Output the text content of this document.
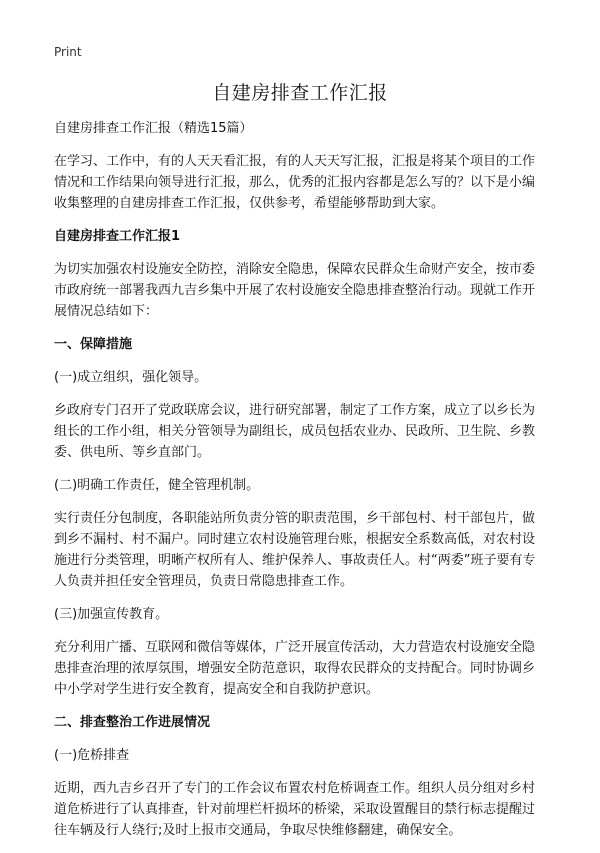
Print
自建房排查工作汇报

自建房排查工作汇报（精选15篇）

在学习、工作中，有的人天天看汇报，有的人天天写汇报，汇报是将某个项目的工作情况和工作结果向领导进行汇报，那么，优秀的汇报内容都是怎么写的？以下是小编收集整理的自建房排查工作汇报，仅供参考，希望能够帮助到大家。

自建房排查工作汇报1

为切实加强农村设施安全防控，消除安全隐患，保障农民群众生命财产安全，按市委市政府统一部署我西九吉乡集中开展了农村设施安全隐患排查整治行动。现就工作开展情况总结如下：

一、保障措施

(一)成立组织，强化领导。

乡政府专门召开了党政联席会议，进行研究部署，制定了工作方案，成立了以乡长为组长的工作小组，相关分管领导为副组长，成员包括农业办、民政所、卫生院、乡教委、供电所、等乡直部门。

(二)明确工作责任，健全管理机制。

实行责任分包制度，各职能站所负责分管的职责范围，乡干部包村、村干部包片，做到乡不漏村、村不漏户。同时建立农村设施管理台账，根据安全系数高低，对农村设施进行分类管理，明晰产权所有人、维护保养人、事故责任人。村“两委”班子要有专人负责并担任安全管理员，负责日常隐患排查工作。

(三)加强宣传教育。

充分利用广播、互联网和微信等媒体，广泛开展宣传活动，大力营造农村设施安全隐患排查治理的浓厚氛围，增强安全防范意识，取得农民群众的支持配合。同时协调乡中小学对学生进行安全教育，提高安全和自我防护意识。

二、排查整治工作进展情况

(一)危桥排查

近期，西九吉乡召开了专门的工作会议布置农村危桥调查工作。组织人员分组对乡村道危桥进行了认真排查，针对前埋栏杆损坏的桥梁，采取设置醒目的禁行标志提醒过往车辆及行人绕行;及时上报市交通局，争取尽快维修翻建，确保安全。
